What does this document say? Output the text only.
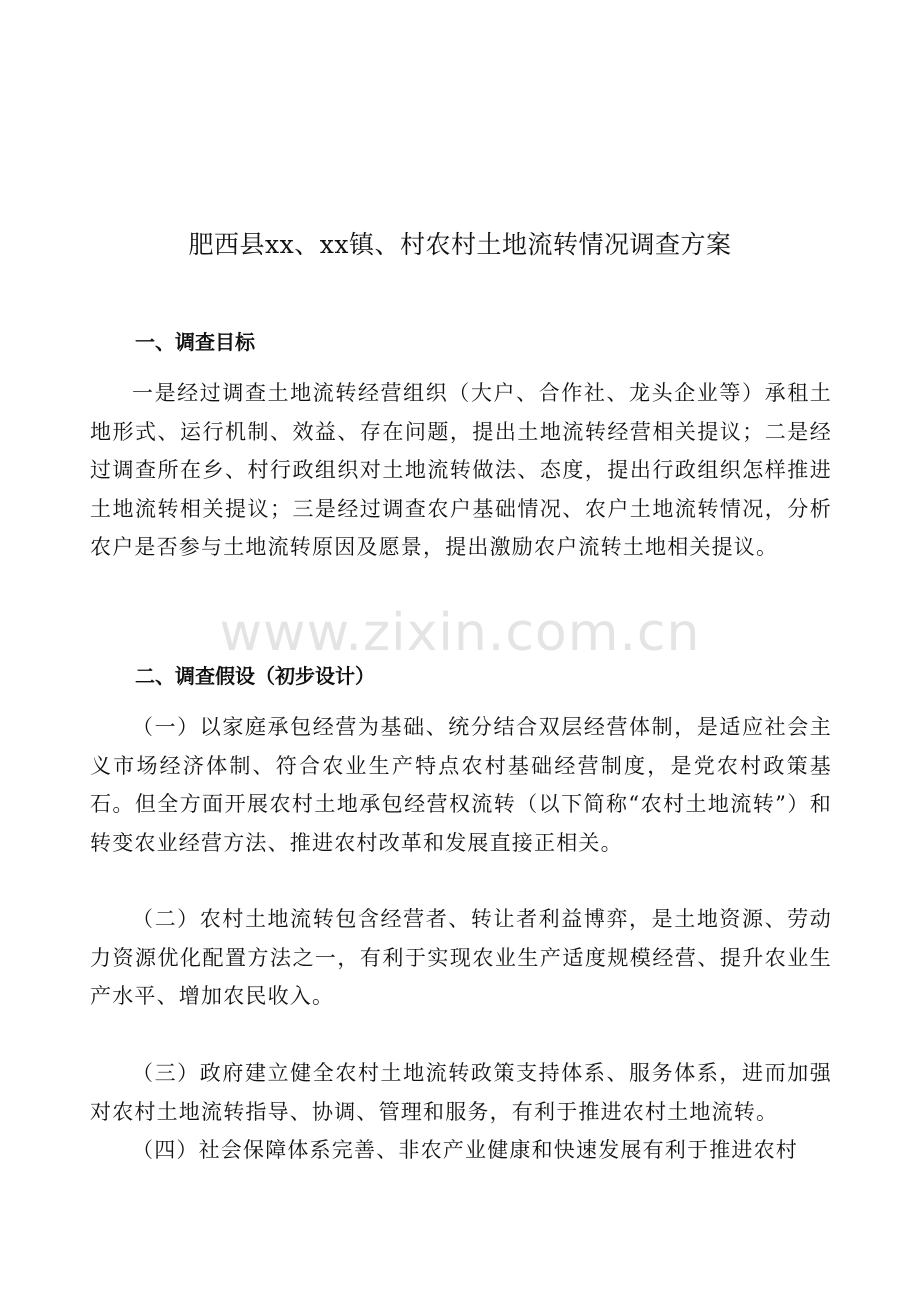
肥西县xx、xx镇、村农村土地流转情况调查方案
一、调查目标

一是经过调查土地流转经营组织（大户、合作社、龙头企业等）承租土地形式、运行机制、效益、存在问题，提出土地流转经营相关提议；二是经过调查所在乡、村行政组织对土地流转做法、态度，提出行政组织怎样推进土地流转相关提议；三是经过调查农户基础情况、农户土地流转情况，分析农户是否参与土地流转原因及愿景，提出激励农户流转土地相关提议。

二、调查假设（初步设计）

（一）以家庭承包经营为基础、统分结合双层经营体制，是适应社会主义市场经济体制、符合农业生产特点农村基础经营制度，是党农村政策基石。但全方面开展农村土地承包经营权流转（以下简称“农村土地流转”）和转变农业经营方法、推进农村改革和发展直接正相关。

（二）农村土地流转包含经营者、转让者利益博弈，是土地资源、劳动力资源优化配置方法之一，有利于实现农业生产适度规模经营、提升农业生产水平、增加农民收入。

（三）政府建立健全农村土地流转政策支持体系、服务体系，进而加强对农村土地流转指导、协调、管理和服务，有利于推进农村土地流转。

（四）社会保障体系完善、非农产业健康和快速发展有利于推进农村

www.zixin.com.cn
